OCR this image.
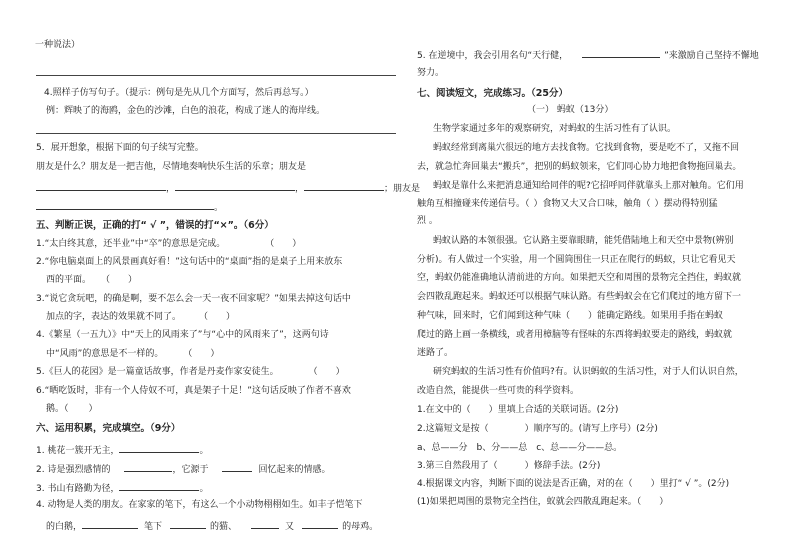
一种说法）
4.照样子仿写句子。（提示：例句是先从几个方面写，然后再总写。）
例：辉映了的海鸥，金色的沙滩，白色的浪花，构成了迷人的海岸线。
5．展开想象，根据下面的句子续写完整。
朋友是什么？朋友是一把吉他，尽情地奏响快乐生活的乐章；朋友是
，	，	；朋友是
。
五、判断正误，正确的打“ √ ”，错误的打“×”。（6分）
1.“太白终其意，还半业”中“卒”的意思是完成。	（　　）
2.“你电脑桌面上的风景画真好看！”这句话中的“桌面”指的是桌子上用来放东
西的平面。 （　　）
3.“说它贪玩吧，的确是啊，要不怎么会一天一夜不回家呢？”如果去掉这句话中
加点的字，表达的效果就不同了。 （　　）
4.《繁星（一五九）》中“天上的风雨来了”与“心中的风雨来了”，这两句诗
中“风雨”的意思是不一样的。 （　　）
5.《巨人的花园》是一篇童话故事，作者是丹麦作家安徒生。	（　　）
6.“晒吃饭时，非有一个人侍奴不可，真是架子十足！”这句话反映了作者不喜欢
鹅。（ ）
六、运用积累，完成填空。（9分）
1. 桃花一簇开无主，	。
2. 诗是强烈感情的	，它源于	回忆起来的情感。
3. 书山有路勤为径，	。
4. 动物是人类的朋友。在家家的笔下，有这么一个小动物栩栩如生。如丰子恺笔下
的白鹅，	笔下	的猫、	又	的母鸡。
5. 在逆境中，我会引用名句“天行健，	”来激励自己坚持不懈地
努力。
七、阅读短文，完成练习。（25分）
（一） 蚂蚁（13分）
生物学家通过多年的观察研究，对蚂蚁的生活习性有了认识。
蚂蚁经常到离巢穴很远的地方去找食物。它找到食物，要是吃不了，又拖不回
去，就急忙奔回巢去“搬兵”，把别的蚂蚁领来，它们同心协力地把食物拖回巢去。
蚂蚁是靠什么来把消息通知给同伴的呢?它招呼同伴就靠头上那对触角。它们用
触角互相撞碰来传递信号。（ ）食物又大又合口味，触角（ ）摆动得特别猛
烈 。
蚂蚁认路的本领很强。它认路主要靠眼睛，能凭借陆地上和天空中景物(辨别
分析)。有人做过一个实验，用一个圆筒围住一只正在爬行的蚂蚁，只让它看见天
空，蚂蚁仍能准确地认清前进的方向。如果把天空和周围的景物完全挡住，蚂蚁就
会四散乱跑起来。蚂蚁还可以根据气味认路。有些蚂蚁会在它们爬过的地方留下一
种气味，回来时，它们闻到这种气味（　　）能确定路线。如果用手指在蚂蚁
爬过的路上画一条横线，或者用樟脑等有怪味的东西将蚂蚁要走的路线，蚂蚁就
迷路了。
研究蚂蚁的生活习性有价值吗?有。认识蚂蚁的生活习性，对于人们认识自然，
改造自然，能提供一些可贵的科学资料。
1.在文中的（　　）里填上合适的关联词语。(2分)
2.这篇短文是按（　　　　）顺序写的。(请写上序号）(2分)
a、总——分　b、分——总　c、总——分——总。
3.第三自然段用了（　　　）修辞手法。(2分)
4.根据课文内容，判断下面的说法是否正确，对的在（　　）里打“ √ ”。(2分)
(1)如果把周围的景物完全挡住，蚁就会四散乱跑起来。（　　）
